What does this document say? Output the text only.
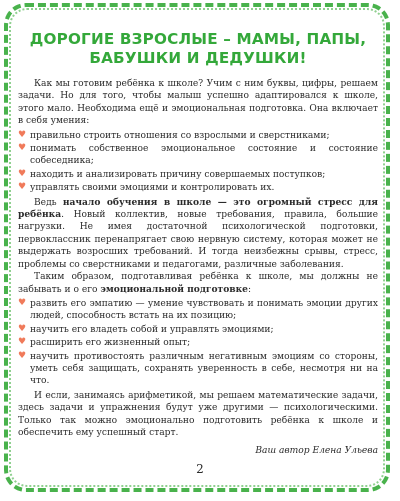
ДОРОГИЕ ВЗРОСЛЫЕ – МАМЫ, ПАПЫ,
БАБУШКИ И ДЕДУШКИ!

Как мы готовим ребёнка к школе? Учим с ним буквы, цифры, решаем задачи. Но для того, чтобы малыш успешно адаптировался к школе, этого мало. Необходима ещё и эмоциональная подготовка. Она включает в себя умения:

♥ правильно строить отношения со взрослыми и сверстниками;
♥ понимать собственное эмоциональное состояние и состояние собеседника;
♥ находить и анализировать причину совершаемых поступков;
♥ управлять своими эмоциями и контролировать их.

Ведь начало обучения в школе — это огромный стресс для ребёнка. Новый коллектив, новые требования, правила, большие нагрузки. Не имея достаточной психологической подготовки, первоклассник перенапрягает свою нервную систему, которая может не выдержать возросших требований. И тогда неизбежны срывы, стресс, проблемы со сверстниками и педагогами, различные заболевания.

Таким образом, подготавливая ребёнка к школе, мы должны не забывать и о его эмоциональной подготовке:

♥ развить его эмпатию — умение чувствовать и понимать эмоции других людей, способность встать на их позицию;
♥ научить его владеть собой и управлять эмоциями;
♥ расширить его жизненный опыт;
♥ научить противостоять различным негативным эмоциям со стороны, уметь себя защищать, сохранять уверенность в себе, несмотря ни на что.

И если, занимаясь арифметикой, мы решаем математические задачи, здесь задачи и упражнения будут уже другими — психологическими. Только так можно эмоционально подготовить ребёнка к школе и обеспечить ему успешный старт.

Ваш автор Елена Ульева
2
